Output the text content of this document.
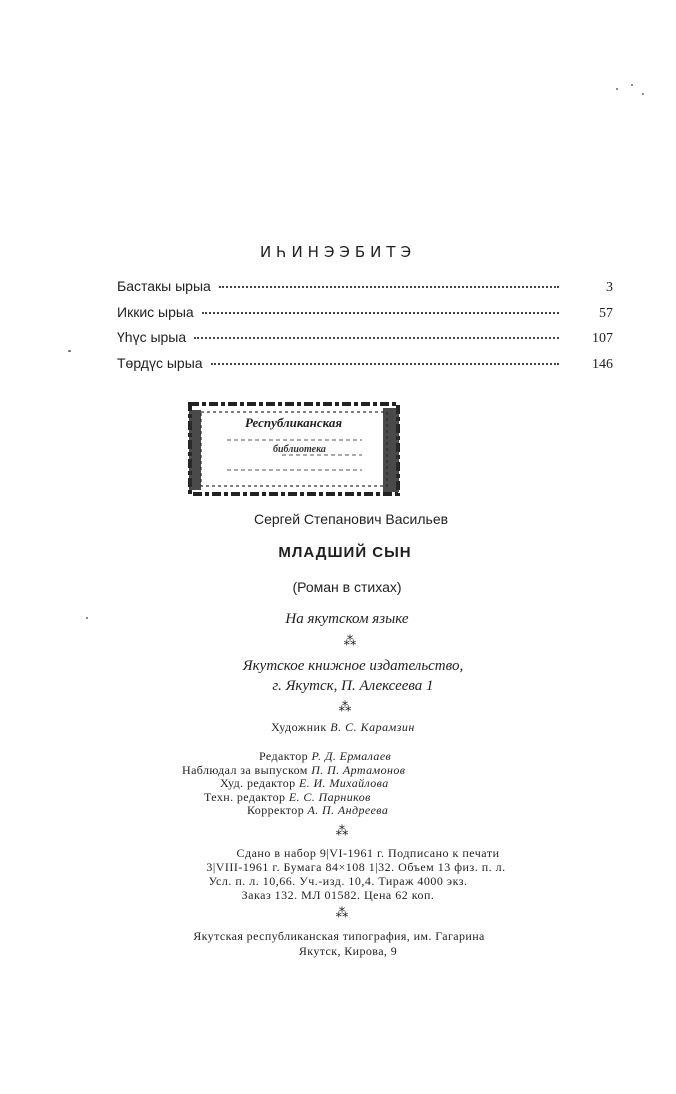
ИҺИНЭЭБИТЭ
Бастакы ырыа	3
Иккис ырыа	57
Үһүс ырыа	107
Төрдүс ырыа	146
Республиканская
библиотека
Сергей Степанович Васильев
МЛАДШИЙ СЫН
(Роман в стихах)
На якутском языке
⁂
Якутское книжное издательство,
г. Якутск, П. Алексеева 1
⁂
Художник В. С. Карамзин
Редактор Р. Д. Ермалаев
Наблюдал за выпуском П. П. Артамонов
Худ. редактор Е. И. Михайлова
Техн. редактор Е. С. Парников
Корректор А. П. Андреева
⁂
Сдано в набор 9|VI-1961 г. Подписано к печати
3|VIII-1961 г. Бумага 84×108 1|32. Объем 13 физ. п. л.
Усл. п. л. 10,66. Уч.-изд. 10,4. Тираж 4000 экз.
Заказ 132. МЛ 01582. Цена 62 коп.
⁂
Якутская республиканская типография, им. Гагарина
Якутск, Кирова, 9
